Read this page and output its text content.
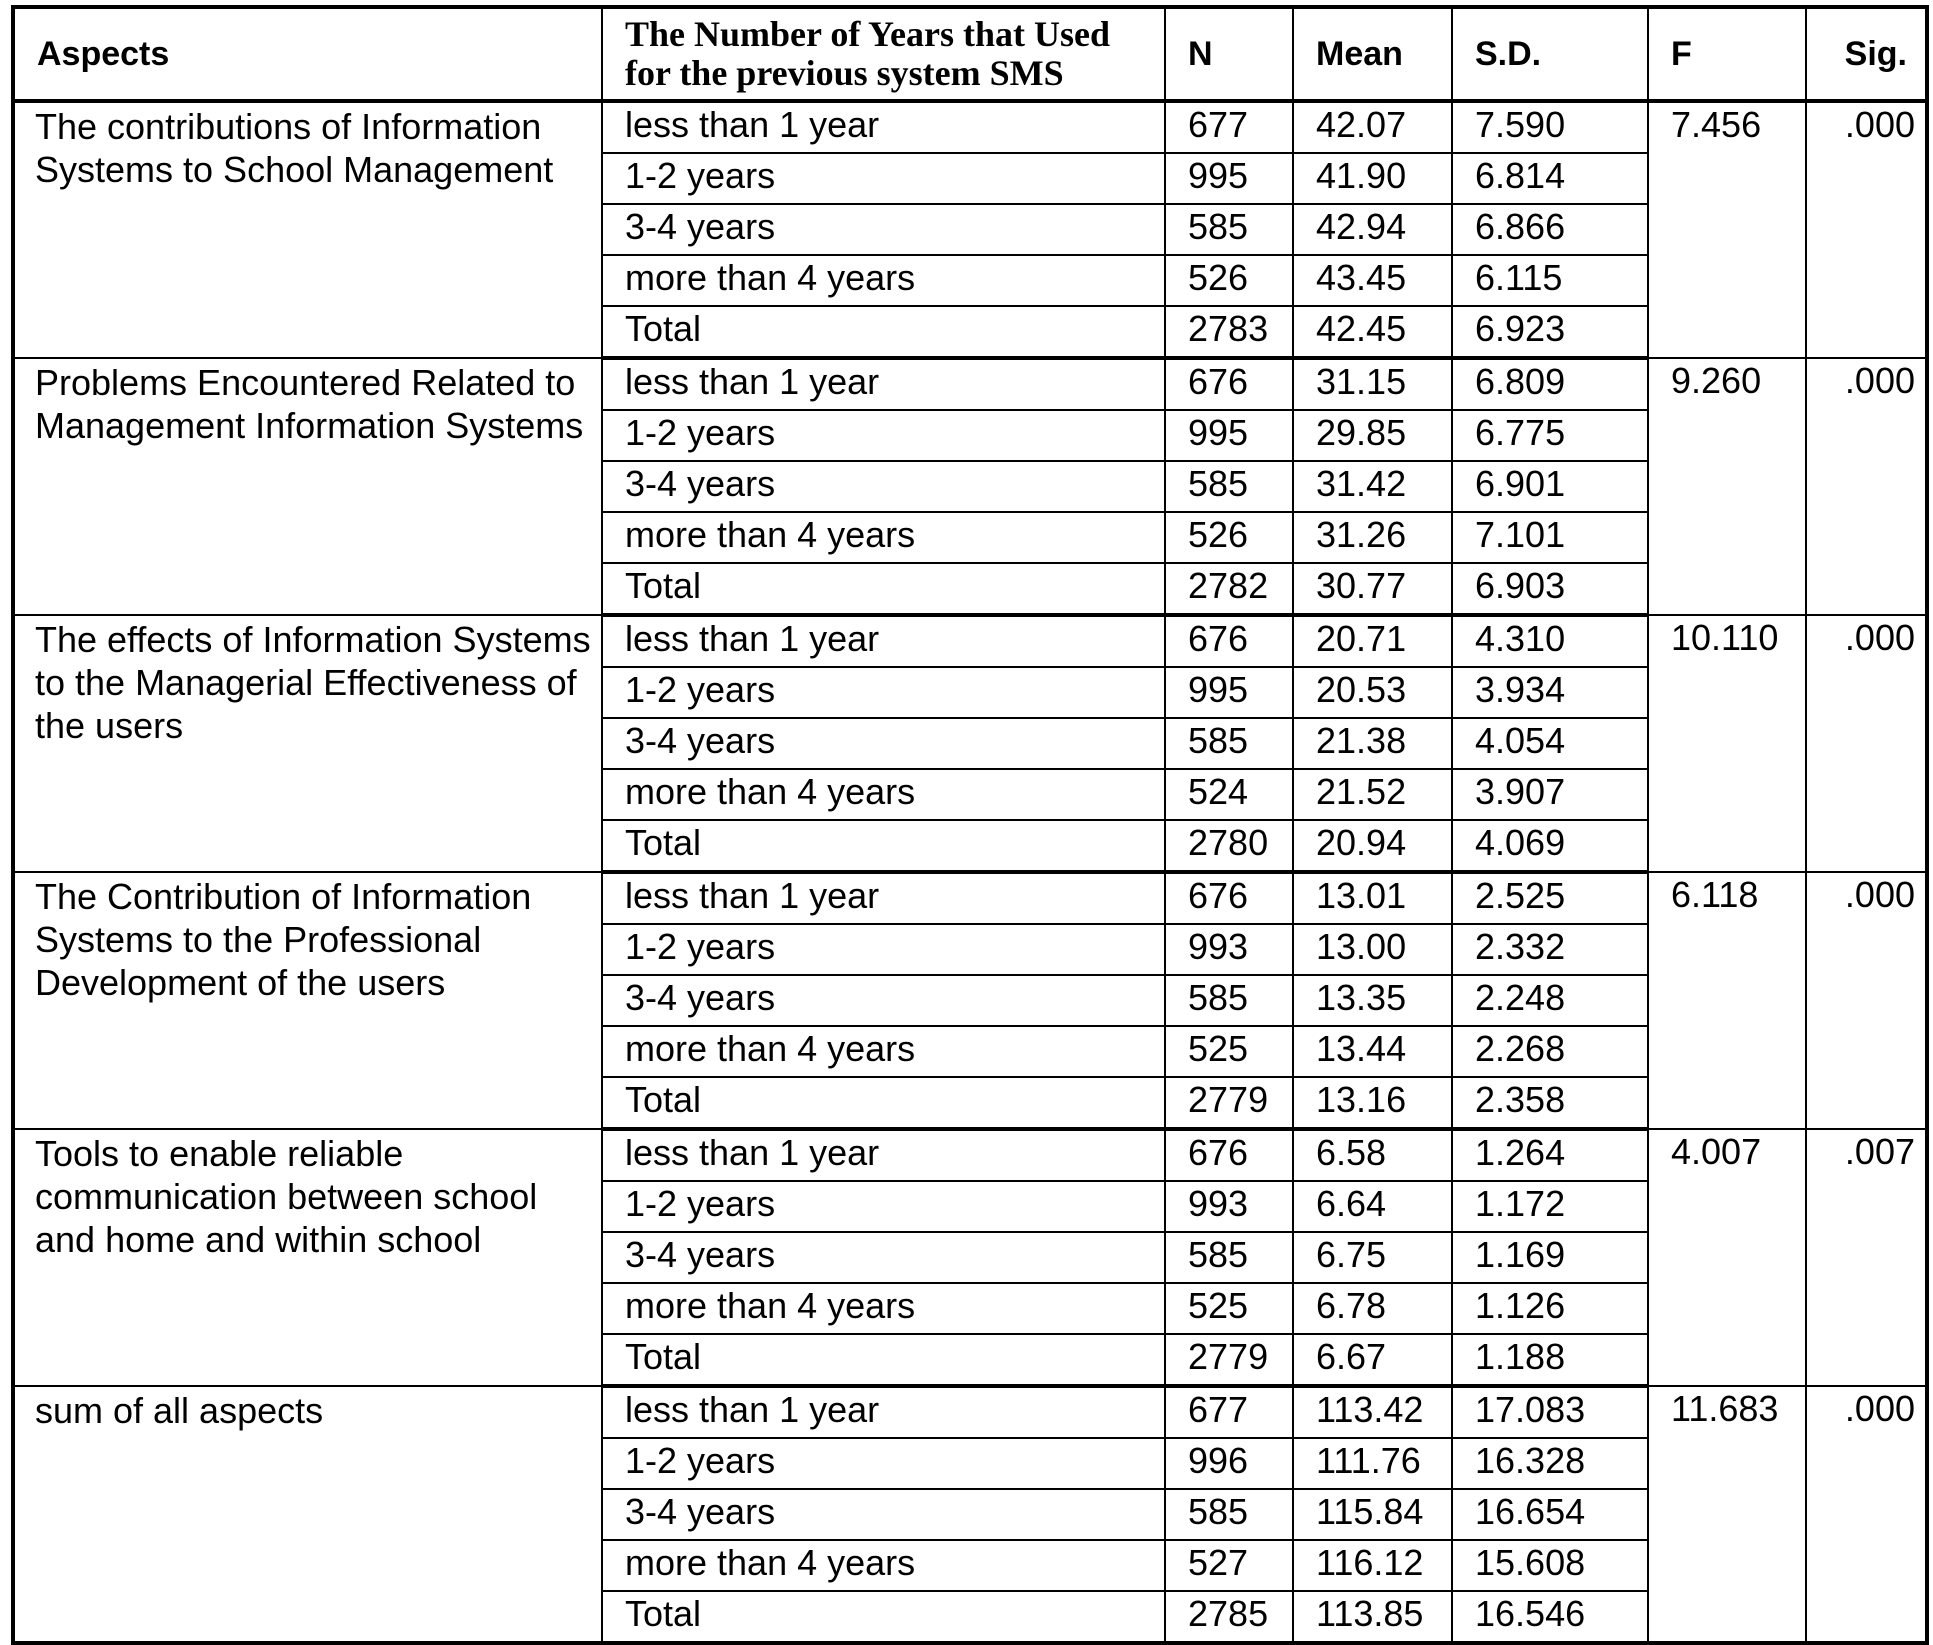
Aspects	The Number of Years that Used for the previous system SMS	N	Mean	S.D.	F	Sig.
The contributions of Information Systems to School Management	less than 1 year	677	42.07	7.590	7.456	.000
	1-2 years	995	41.90	6.814		
	3-4 years	585	42.94	6.866		
	more than 4 years	526	43.45	6.115		
	Total	2783	42.45	6.923		
Problems Encountered Related to Management Information Systems	less than 1 year	676	31.15	6.809	9.260	.000
	1-2 years	995	29.85	6.775		
	3-4 years	585	31.42	6.901		
	more than 4 years	526	31.26	7.101		
	Total	2782	30.77	6.903		
The effects of Information Systems to the Managerial Effectiveness of the users	less than 1 year	676	20.71	4.310	10.110	.000
	1-2 years	995	20.53	3.934		
	3-4 years	585	21.38	4.054		
	more than 4 years	524	21.52	3.907		
	Total	2780	20.94	4.069		
The Contribution of Information Systems to the Professional Development of the users	less than 1 year	676	13.01	2.525	6.118	.000
	1-2 years	993	13.00	2.332		
	3-4 years	585	13.35	2.248		
	more than 4 years	525	13.44	2.268		
	Total	2779	13.16	2.358		
Tools to enable reliable communication between school and home and within school	less than 1 year	676	6.58	1.264	4.007	.007
	1-2 years	993	6.64	1.172		
	3-4 years	585	6.75	1.169		
	more than 4 years	525	6.78	1.126		
	Total	2779	6.67	1.188		
sum of all aspects	less than 1 year	677	113.42	17.083	11.683	.000
	1-2 years	996	111.76	16.328		
	3-4 years	585	115.84	16.654		
	more than 4 years	527	116.12	15.608		
	Total	2785	113.85	16.546		
